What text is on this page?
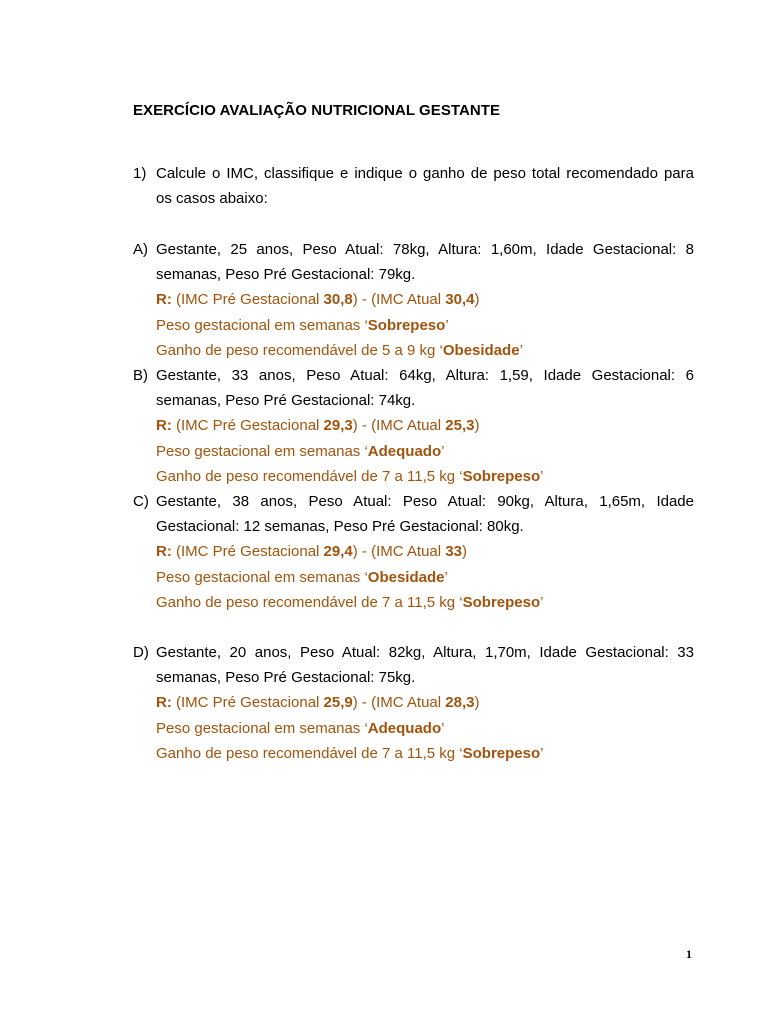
EXERCÍCIO AVALIAÇÃO NUTRICIONAL GESTANTE
1) Calcule o IMC, classifique e indique o ganho de peso total recomendado para
os casos abaixo:
A) Gestante, 25 anos, Peso Atual: 78kg, Altura: 1,60m, Idade Gestacional: 8
semanas, Peso Pré Gestacional: 79kg.
R: (IMC Pré Gestacional 30,8) - (IMC Atual 30,4)
Peso gestacional em semanas ‘Sobrepeso’
Ganho de peso recomendável de 5 a 9 kg ‘Obesidade’
B) Gestante, 33 anos, Peso Atual: 64kg, Altura: 1,59, Idade Gestacional: 6
semanas, Peso Pré Gestacional: 74kg.
R: (IMC Pré Gestacional 29,3) - (IMC Atual 25,3)
Peso gestacional em semanas ‘Adequado’
Ganho de peso recomendável de 7 a 11,5 kg ‘Sobrepeso’
C) Gestante, 38 anos, Peso Atual: Peso Atual: 90kg, Altura, 1,65m, Idade
Gestacional: 12 semanas, Peso Pré Gestacional: 80kg.
R: (IMC Pré Gestacional 29,4) - (IMC Atual 33)
Peso gestacional em semanas ‘Obesidade’
Ganho de peso recomendável de 7 a 11,5 kg ‘Sobrepeso’
D) Gestante, 20 anos, Peso Atual: 82kg, Altura, 1,70m, Idade Gestacional: 33
semanas, Peso Pré Gestacional: 75kg.
R: (IMC Pré Gestacional 25,9) - (IMC Atual 28,3)
Peso gestacional em semanas ‘Adequado’
Ganho de peso recomendável de 7 a 11,5 kg ‘Sobrepeso’
1
